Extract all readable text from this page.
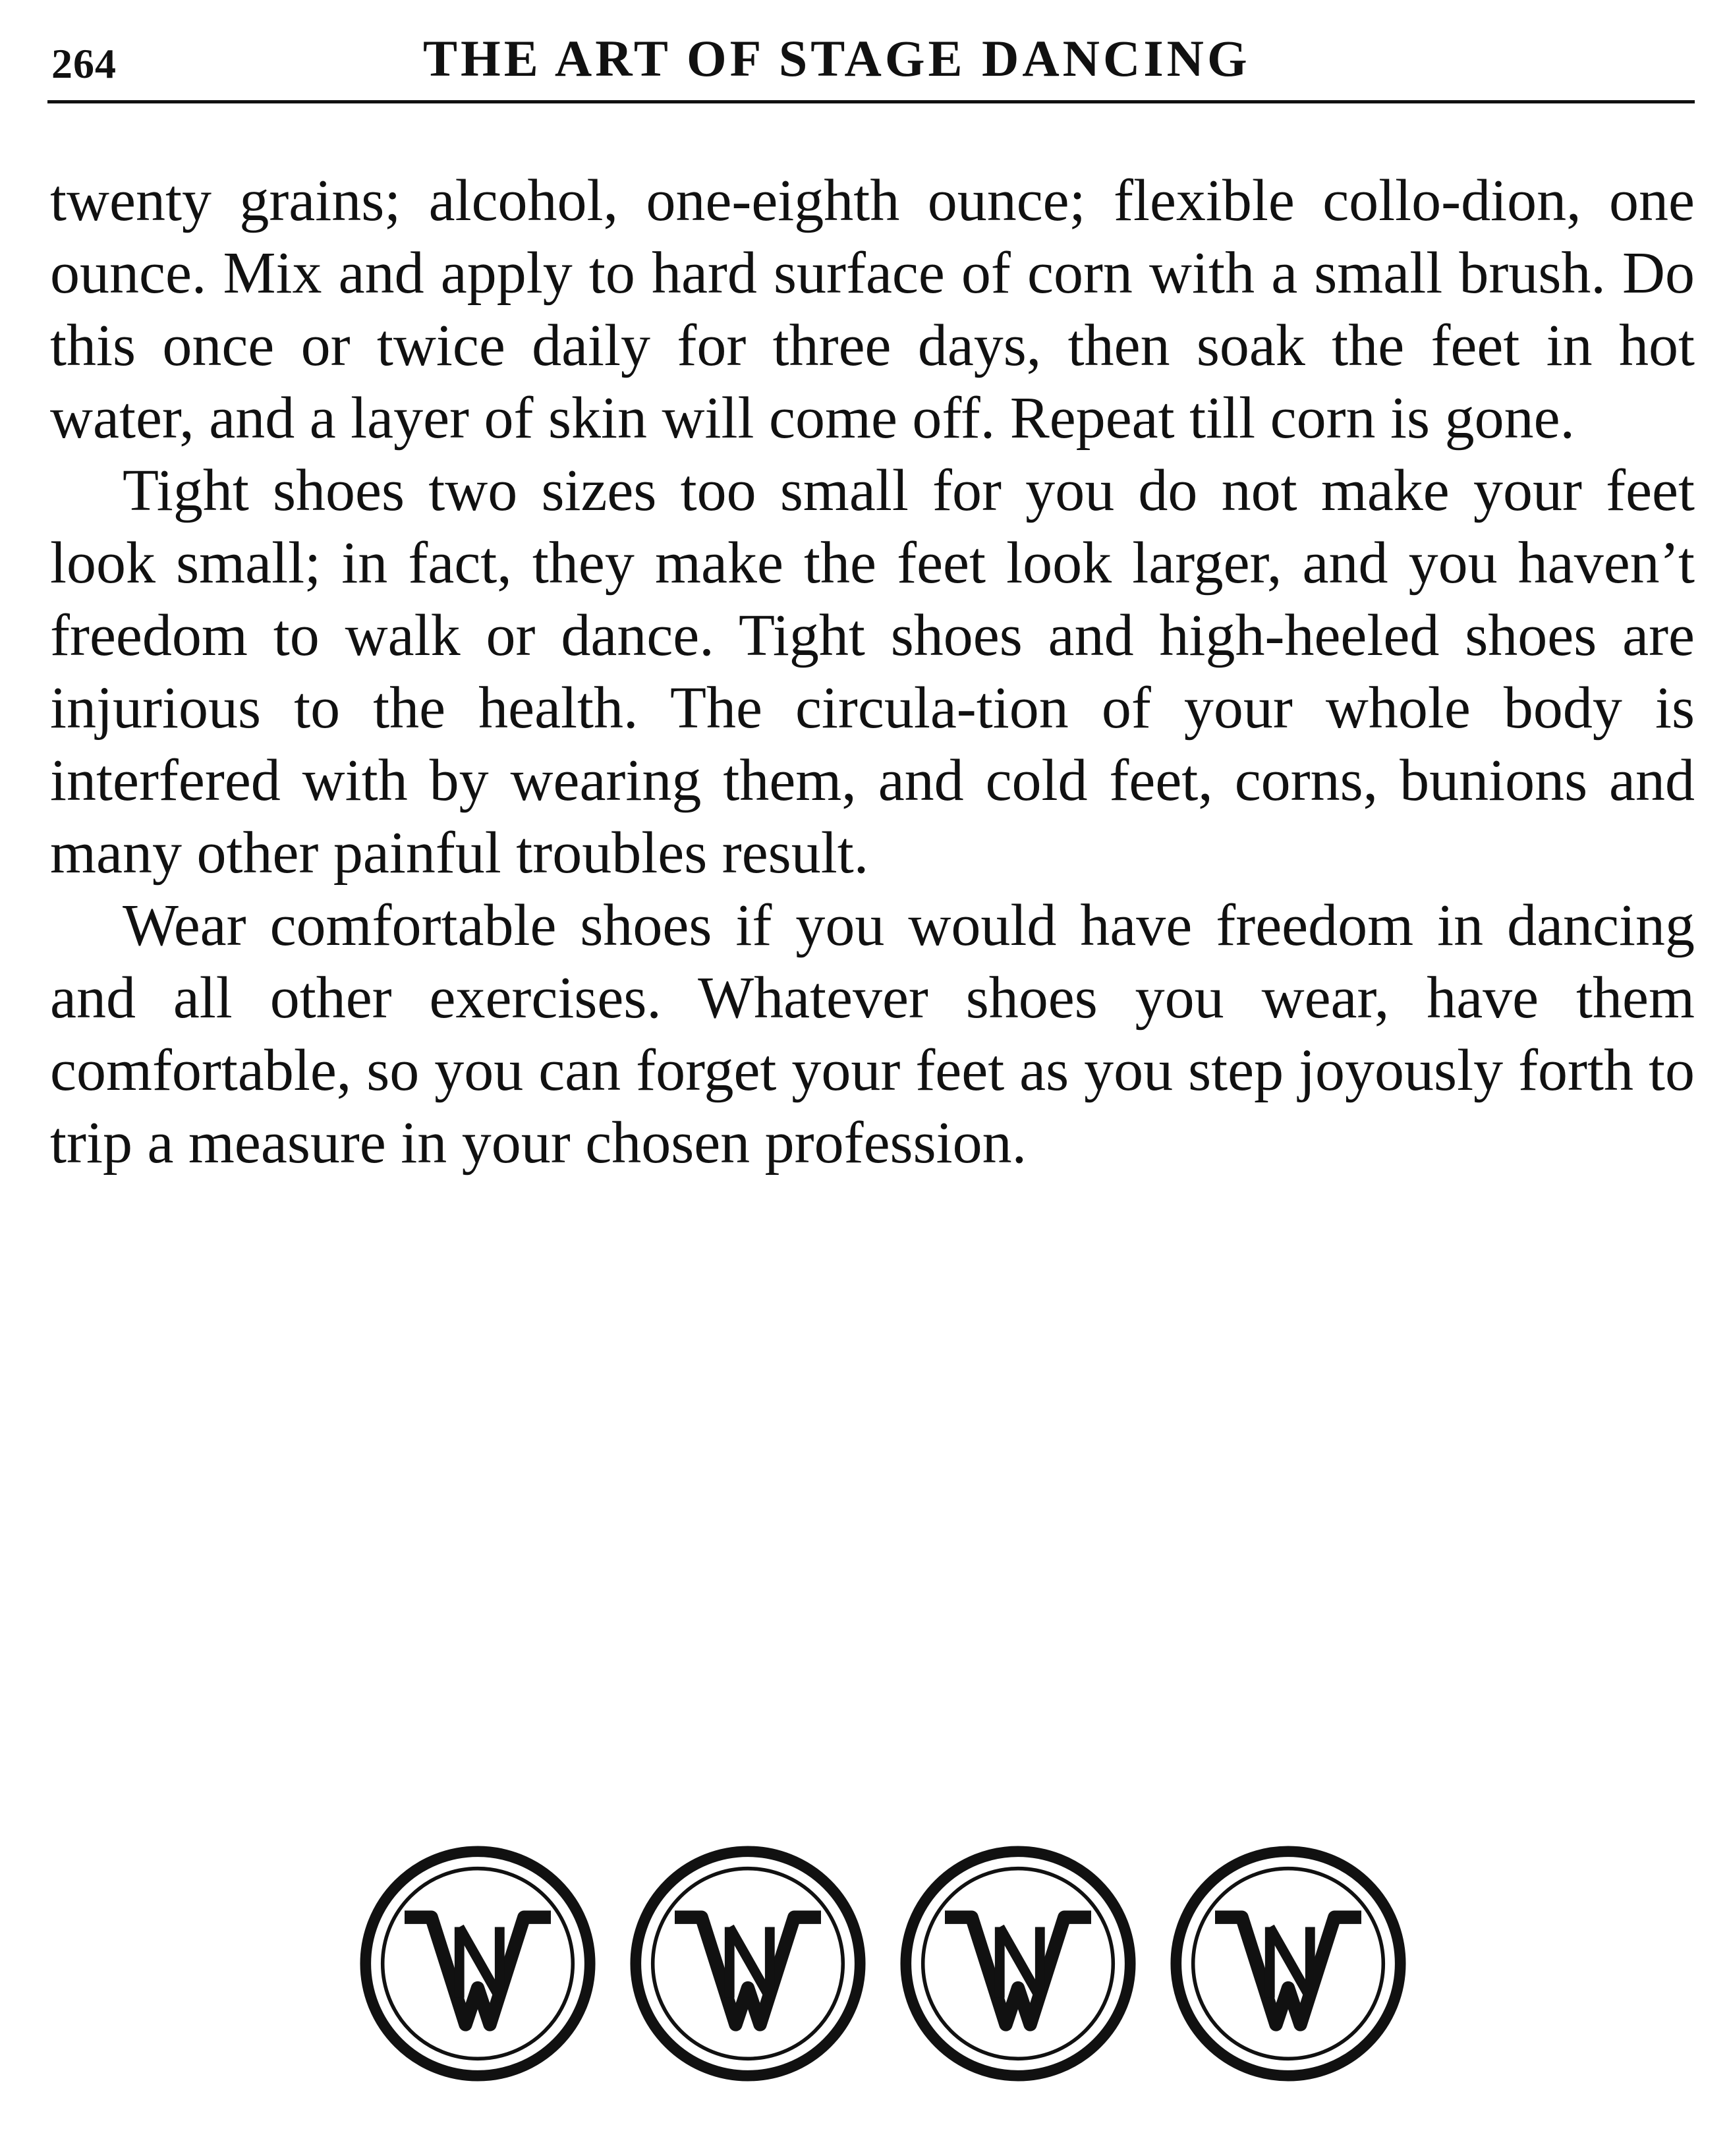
264	THE ART OF STAGE DANCING

twenty grains; alcohol, one-eighth ounce; flexible collo-dion, one ounce. Mix and apply to hard surface of corn with a small brush. Do this once or twice daily for three days, then soak the feet in hot water, and a layer of skin will come off. Repeat till corn is gone.

Tight shoes two sizes too small for you do not make your feet look small; in fact, they make the feet look larger, and you haven’t freedom to walk or dance. Tight shoes and high-heeled shoes are injurious to the health. The circula-tion of your whole body is interfered with by wearing them, and cold feet, corns, bunions and many other painful troubles result.

Wear comfortable shoes if you would have freedom in dancing and all other exercises. Whatever shoes you wear, have them comfortable, so you can forget your feet as you step joyously forth to trip a measure in your chosen profession.
